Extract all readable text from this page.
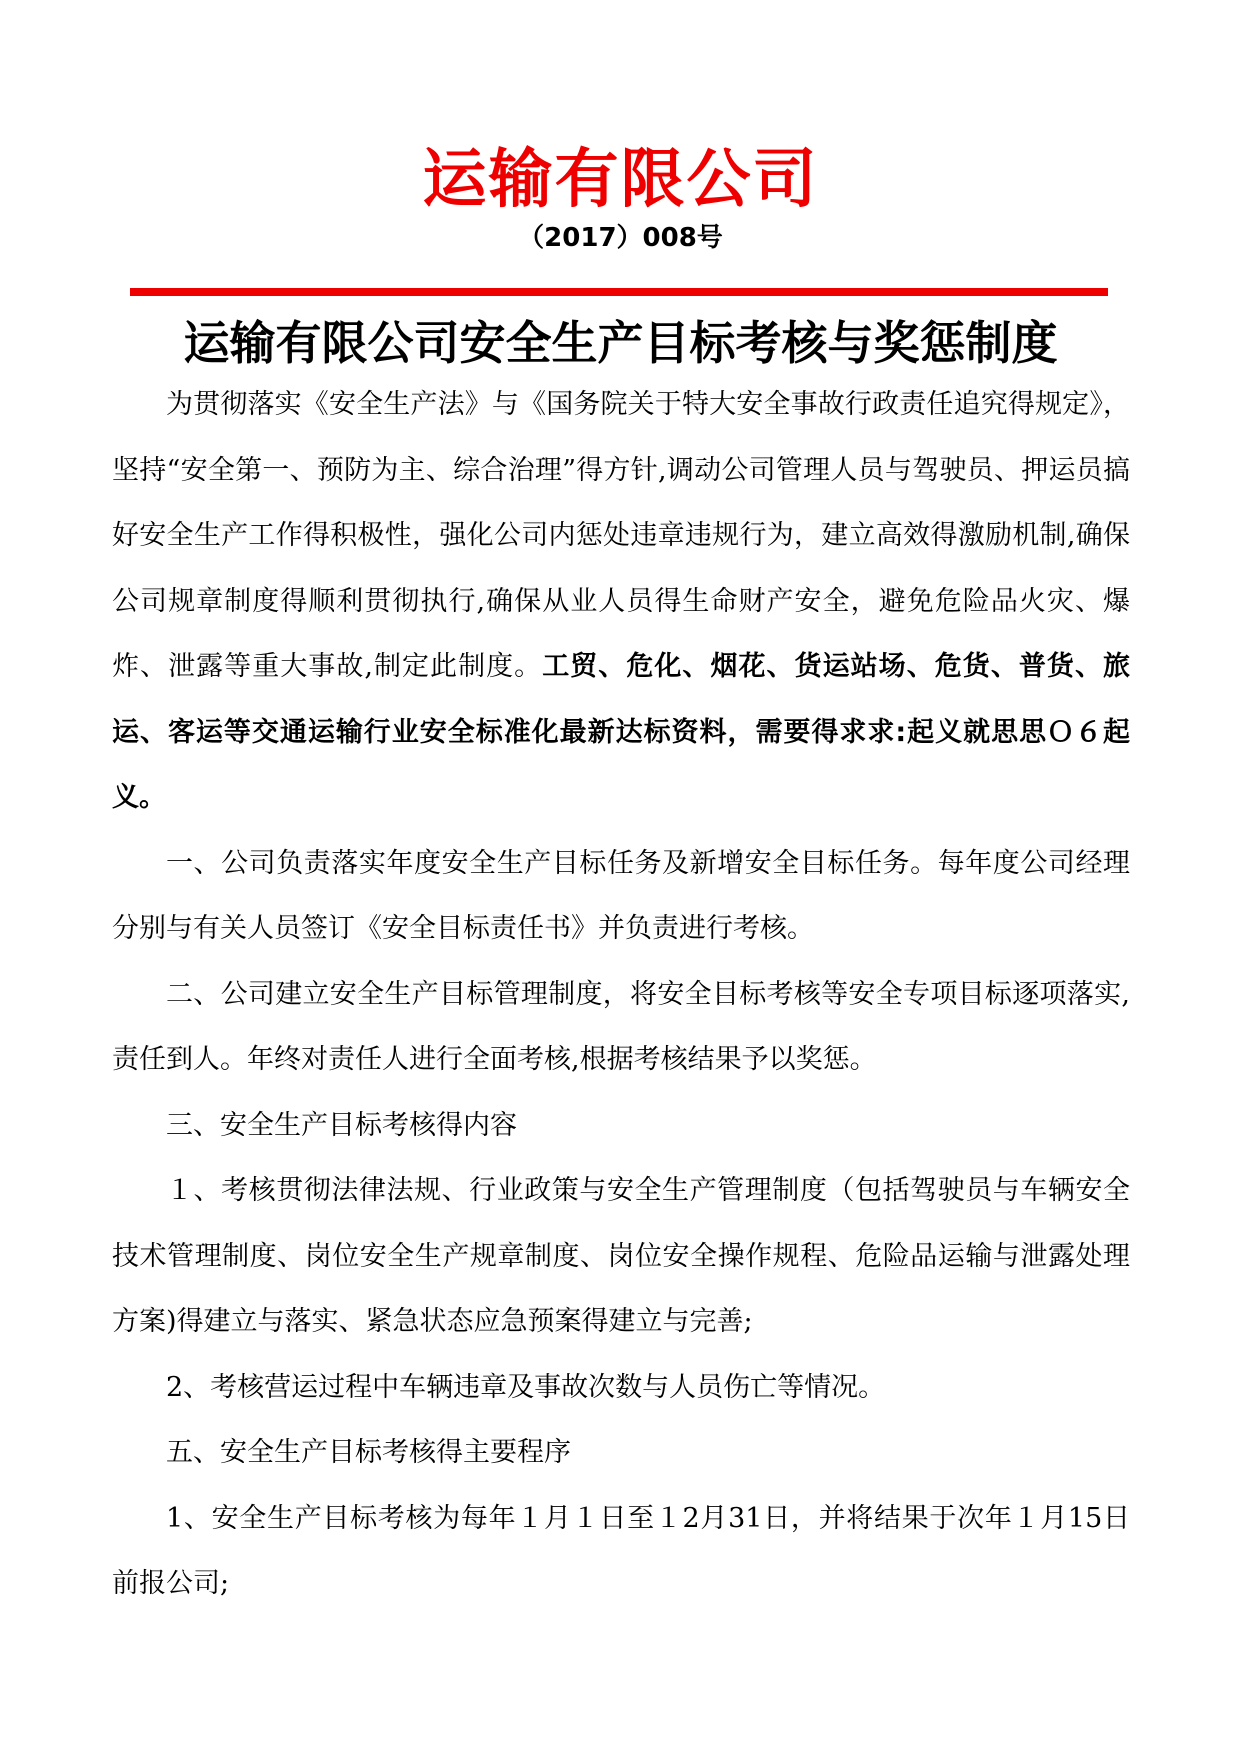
运输有限公司
（2017）008号
运输有限公司安全生产目标考核与奖惩制度

为贯彻落实《安全生产法》与《国务院关于特大安全事故行政责任追究得规定》，坚持“安全第一、预防为主、综合治理”得方针,调动公司管理人员与驾驶员、押运员搞好安全生产工作得积极性，强化公司内惩处违章违规行为，建立高效得激励机制,确保公司规章制度得顺利贯彻执行,确保从业人员得生命财产安全，避免危险品火灾、爆炸、泄露等重大事故,制定此制度。工贸、危化、烟花、货运站场、危货、普货、旅运、客运等交通运输行业安全标准化最新达标资料，需要得求求:起义就思思Ｏ６起义。

一、公司负责落实年度安全生产目标任务及新增安全目标任务。每年度公司经理分别与有关人员签订《安全目标责任书》并负责进行考核。

二、公司建立安全生产目标管理制度，将安全目标考核等安全专项目标逐项落实,责任到人。年终对责任人进行全面考核,根据考核结果予以奖惩。

三、安全生产目标考核得内容

１、考核贯彻法律法规、行业政策与安全生产管理制度（包括驾驶员与车辆安全技术管理制度、岗位安全生产规章制度、岗位安全操作规程、危险品运输与泄露处理方案)得建立与落实、紧急状态应急预案得建立与完善;

2、考核营运过程中车辆违章及事故次数与人员伤亡等情况。

五、安全生产目标考核得主要程序

1、安全生产目标考核为每年１月１日至１2月31日，并将结果于次年１月15日前报公司;
